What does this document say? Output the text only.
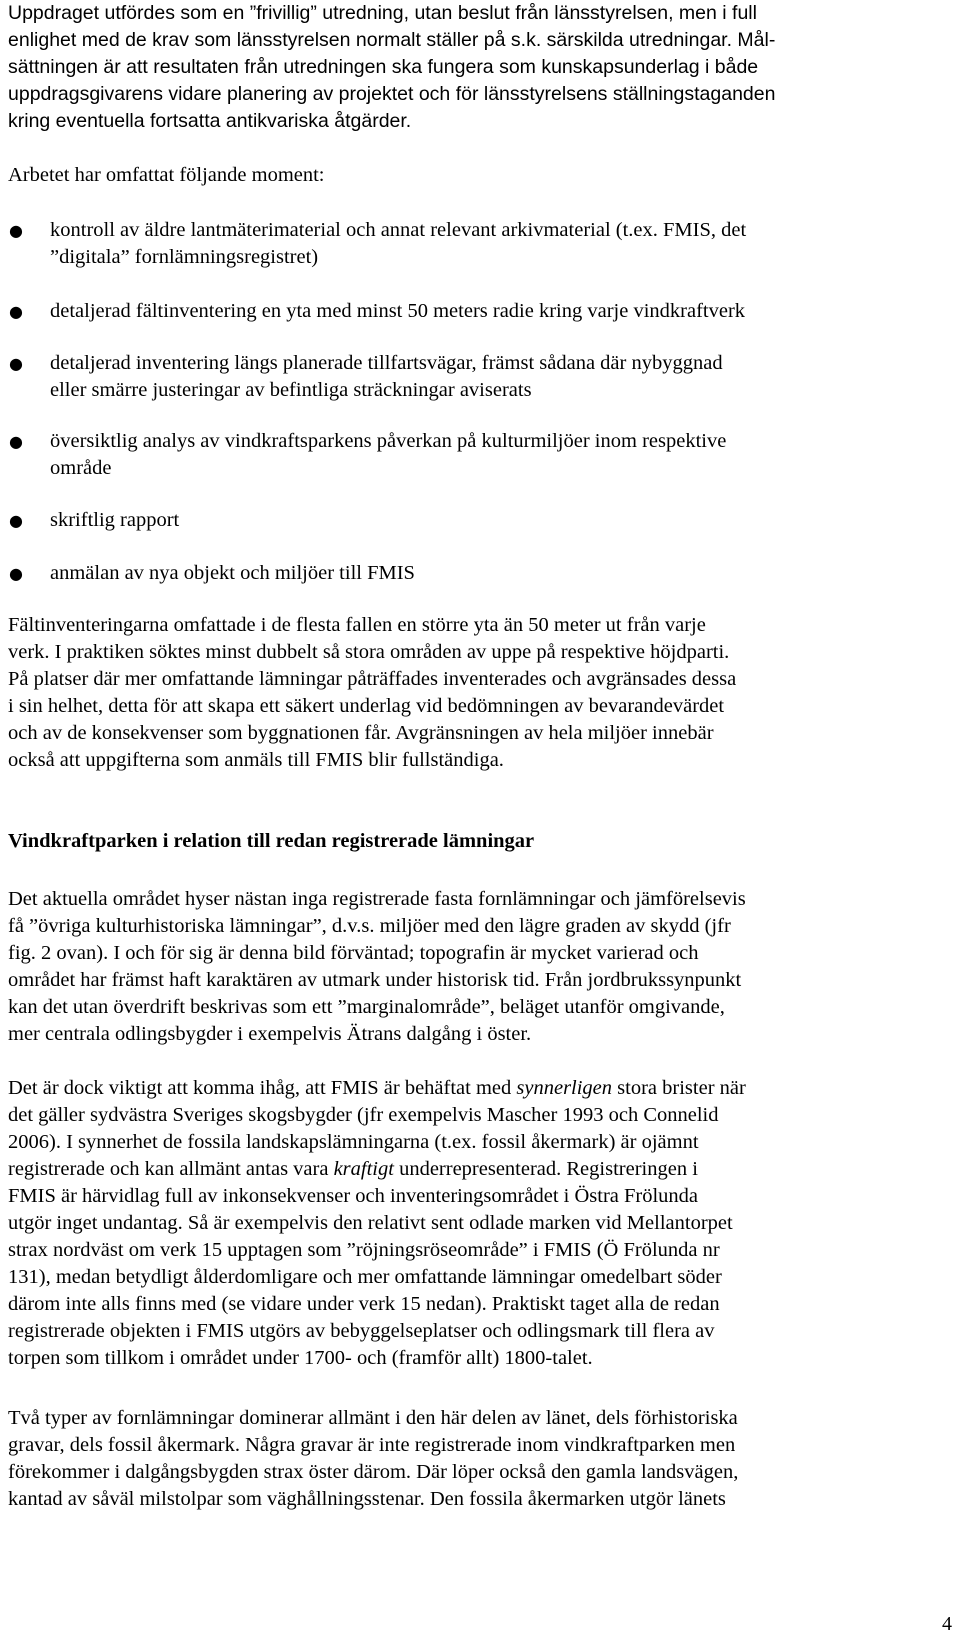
Uppdraget utfördes som en ”frivillig” utredning, utan beslut från länsstyrelsen, men i full
enlighet med de krav som länsstyrelsen normalt ställer på s.k. särskilda utredningar. Mål-
sättningen är att resultaten från utredningen ska fungera som kunskapsunderlag i både
uppdragsgivarens vidare planering av projektet och för länsstyrelsens ställningstaganden
kring eventuella fortsatta antikvariska åtgärder.

Arbetet har omfattat följande moment:

● kontroll av äldre lantmäterimaterial och annat relevant arkivmaterial (t.ex. FMIS, det
”digitala” fornlämningsregistret)
● detaljerad fältinventering en yta med minst 50 meters radie kring varje vindkraftverk
● detaljerad inventering längs planerade tillfartsvägar, främst sådana där nybyggnad
eller smärre justeringar av befintliga sträckningar aviserats
● översiktlig analys av vindkraftsparkens påverkan på kulturmiljöer inom respektive
område
● skriftlig rapport
● anmälan av nya objekt och miljöer till FMIS
Fältinventeringarna omfattade i de flesta fallen en större yta än 50 meter ut från varje
verk. I praktiken söktes minst dubbelt så stora områden av uppe på respektive höjdparti.
På platser där mer omfattande lämningar påträffades inventerades och avgränsades dessa
i sin helhet, detta för att skapa ett säkert underlag vid bedömningen av bevarandevärdet
och av de konsekvenser som byggnationen får. Avgränsningen av hela miljöer innebär
också att uppgifterna som anmäls till FMIS blir fullständiga.
Vindkraftparken i relation till redan registrerade lämningar
Det aktuella området hyser nästan inga registrerade fasta fornlämningar och jämförelsevis
få ”övriga kulturhistoriska lämningar”, d.v.s. miljöer med den lägre graden av skydd (jfr
fig. 2 ovan). I och för sig är denna bild förväntad; topografin är mycket varierad och
området har främst haft karaktären av utmark under historisk tid. Från jordbrukssynpunkt
kan det utan överdrift beskrivas som ett ”marginalområde”, beläget utanför omgivande,
mer centrala odlingsbygder i exempelvis Ätrans dalgång i öster.
Det är dock viktigt att komma ihåg, att FMIS är behäftat med synnerligen stora brister när
det gäller sydvästra Sveriges skogsbygder (jfr exempelvis Mascher 1993 och Connelid
2006). I synnerhet de fossila landskapslämningarna (t.ex. fossil åkermark) är ojämnt
registrerade och kan allmänt antas vara kraftigt underrepresenterad. Registreringen i
FMIS är härvidlag full av inkonsekvenser och inventeringsområdet i Östra Frölunda
utgör inget undantag. Så är exempelvis den relativt sent odlade marken vid Mellantorpet
strax nordväst om verk 15 upptagen som ”röjningsröseområde” i FMIS (Ö Frölunda nr
131), medan betydligt ålderdomligare och mer omfattande lämningar omedelbart söder
därom inte alls finns med (se vidare under verk 15 nedan). Praktiskt taget alla de redan
registrerade objekten i FMIS utgörs av bebyggelseplatser och odlingsmark till flera av
torpen som tillkom i området under 1700- och (framför allt) 1800-talet.
Två typer av fornlämningar dominerar allmänt i den här delen av länet, dels förhistoriska
gravar, dels fossil åkermark. Några gravar är inte registrerade inom vindkraftparken men
förekommer i dalgångsbygden strax öster därom. Där löper också den gamla landsvägen,
kantad av såväl milstolpar som väghållningsstenar. Den fossila åkermarken utgör länets
4
